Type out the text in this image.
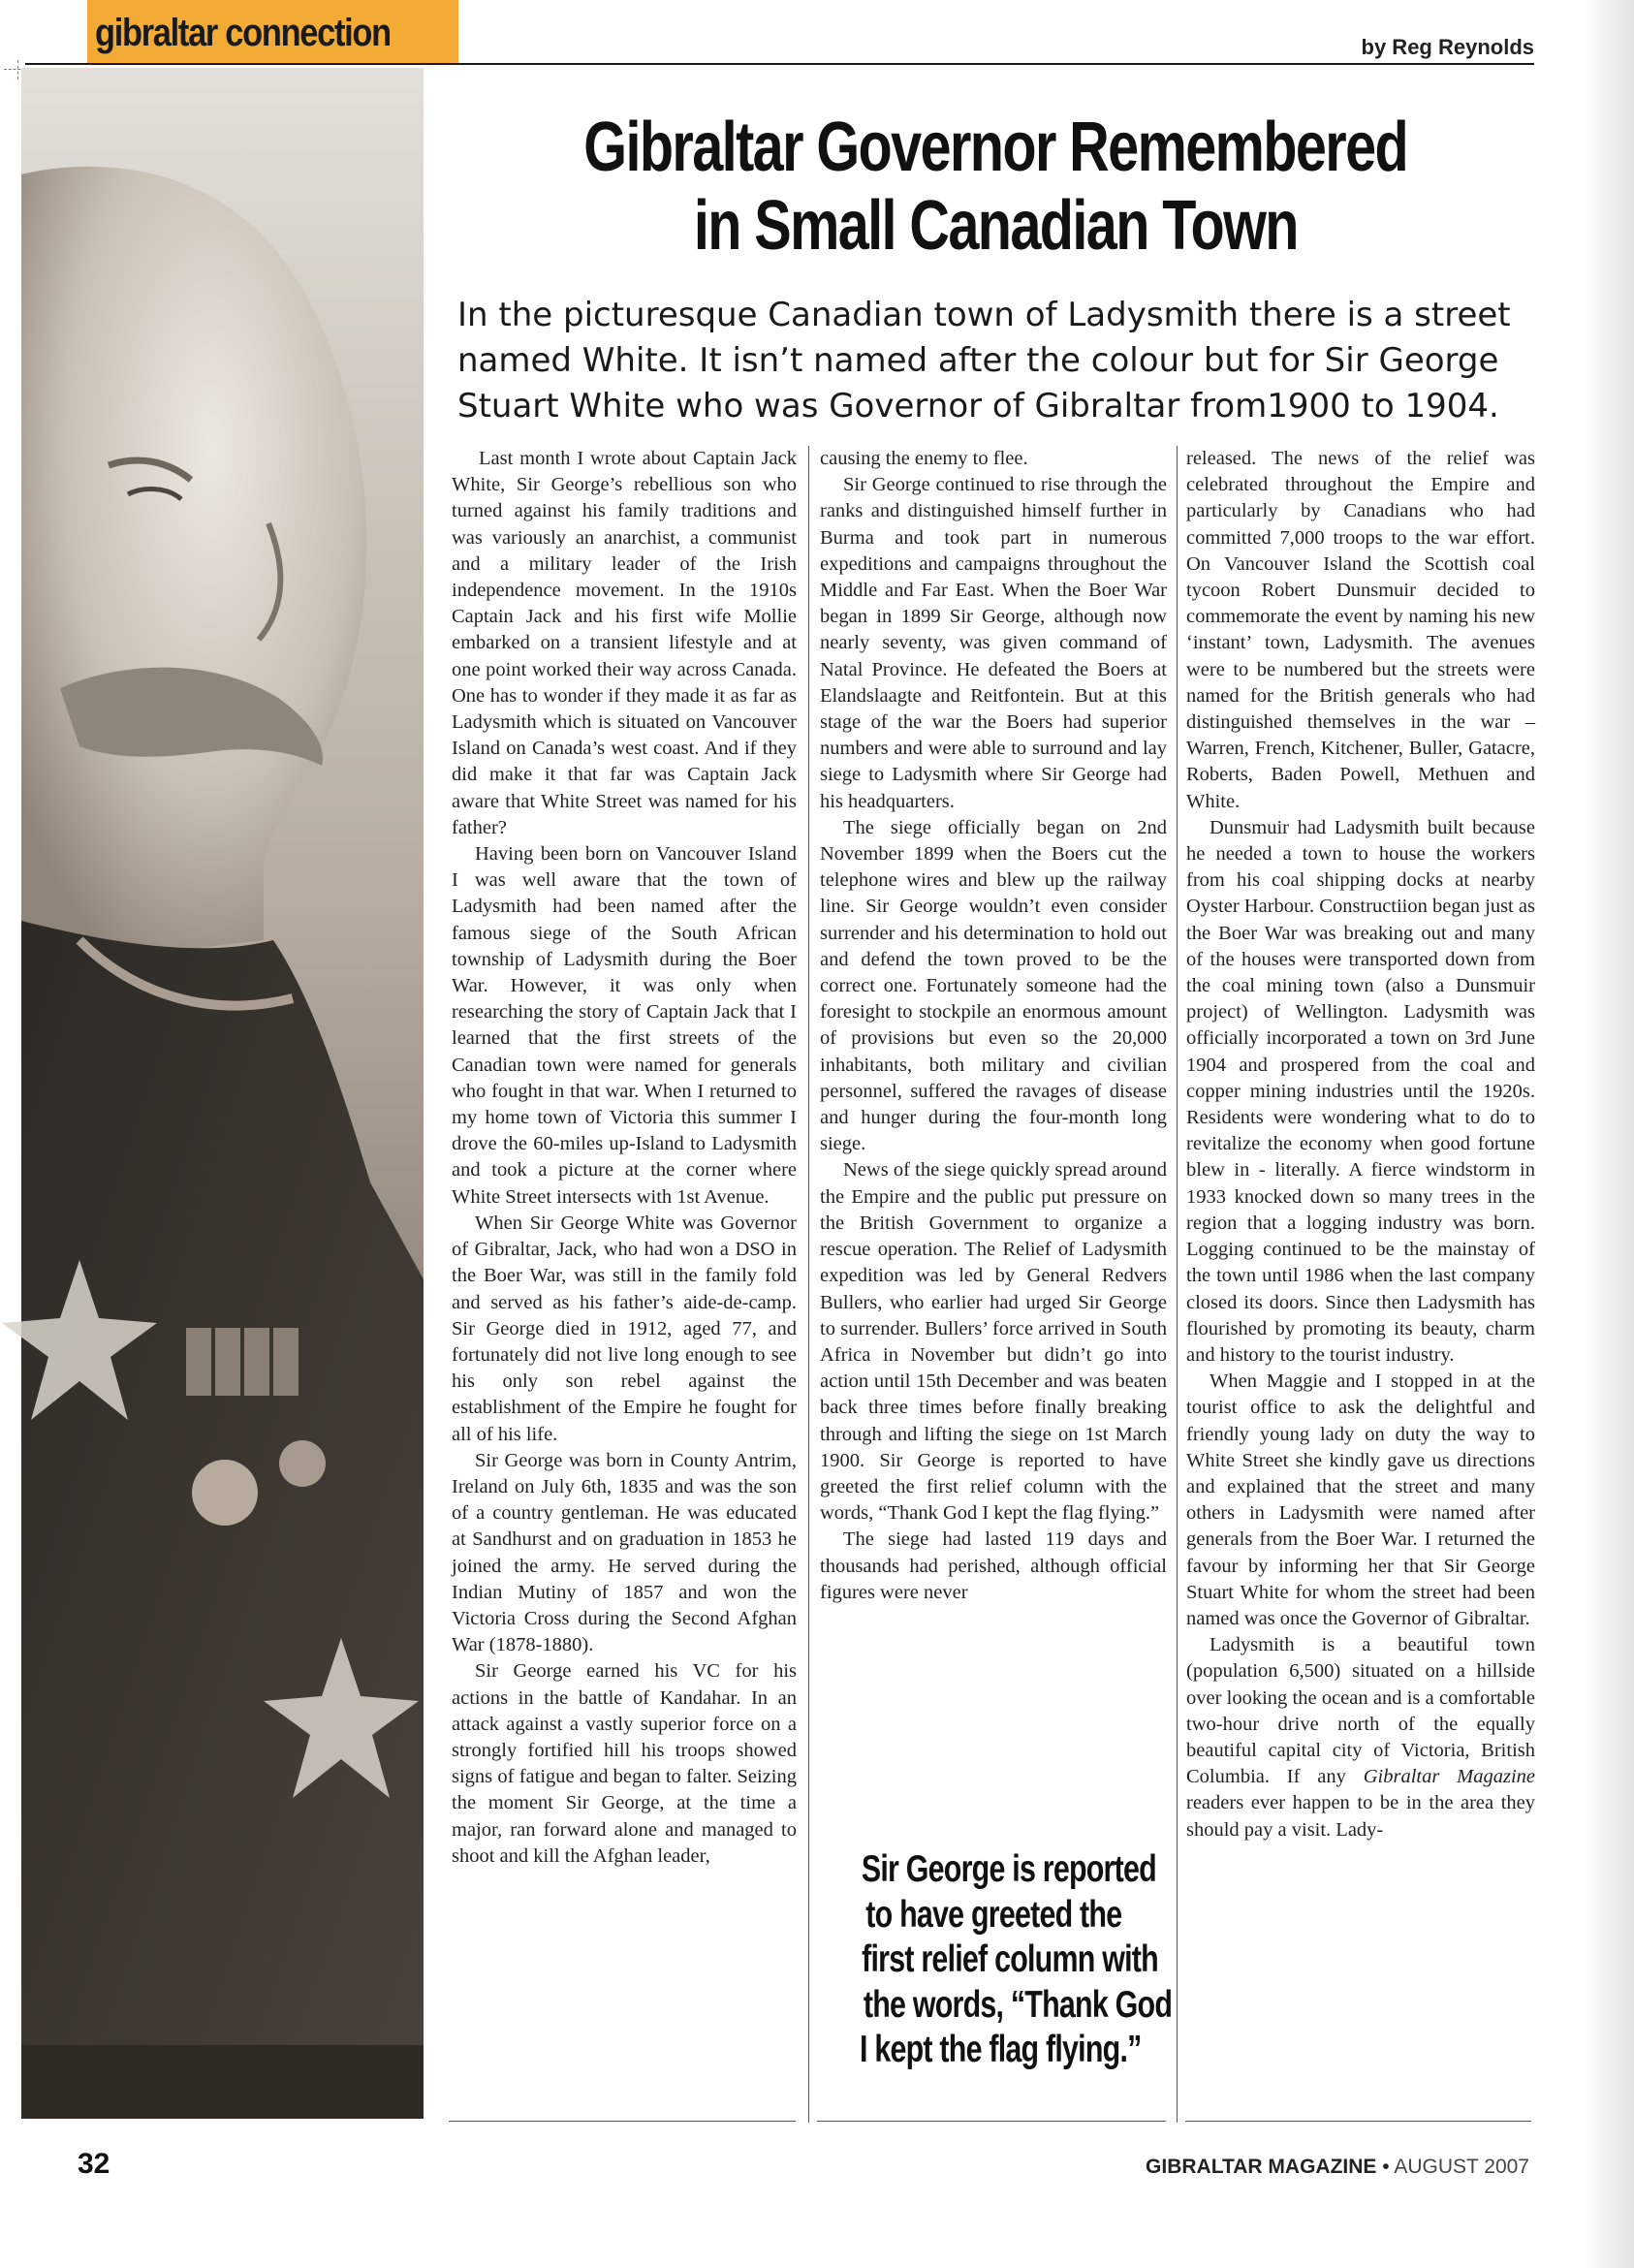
gibraltar connection	by Reg Reynolds
Sir George Stuart White
Gibraltar Governor Remembered
in Small Canadian Town

In the picturesque Canadian town of Ladysmith there is a street named White. It isn’t named after the colour but for Sir George Stuart White who was Governor of Gibraltar from1900 to 1904.

Last month I wrote about Captain Jack White, Sir George’s rebellious son who turned against his family traditions and was variously an anarchist, a communist and a military leader of the Irish independence movement. In the 1910s Captain Jack and his first wife Mollie embarked on a transient lifestyle and at one point worked their way across Canada. One has to wonder if they made it as far as Ladysmith which is situated on Vancouver Island on Canada’s west coast. And if they did make it that far was Captain Jack aware that White Street was named for his father?

Having been born on Vancouver Island I was well aware that the town of Ladysmith had been named after the famous siege of the South African township of Ladysmith during the Boer War. However, it was only when researching the story of Captain Jack that I learned that the first streets of the Canadian town were named for generals who fought in that war. When I returned to my home town of Victoria this summer I drove the 60-miles up-Island to Ladysmith and took a picture at the corner where White Street intersects with 1st Avenue.

When Sir George White was Governor of Gibraltar, Jack, who had won a DSO in the Boer War, was still in the family fold and served as his father’s aide-de-camp. Sir George died in 1912, aged 77, and fortunately did not live long enough to see his only son rebel against the establishment of the Empire he fought for all of his life.

Sir George was born in County Antrim, Ireland on July 6th, 1835 and was the son of a country gentleman. He was educated at Sandhurst and on graduation in 1853 he joined the army. He served during the Indian Mutiny of 1857 and won the Victoria Cross during the Second Afghan War (1878-1880).

Sir George earned his VC for his actions in the battle of Kandahar. In an attack against a vastly superior force on a strongly fortified hill his troops showed signs of fatigue and began to falter. Seizing the moment Sir George, at the time a major, ran forward alone and managed to shoot and kill the Afghan leader,

causing the enemy to flee.

Sir George continued to rise through the ranks and distinguished himself further in Burma and took part in numerous expeditions and campaigns throughout the Middle and Far East. When the Boer War began in 1899 Sir George, although now nearly seventy, was given command of Natal Province. He defeated the Boers at Elandslaagte and Reitfontein. But at this stage of the war the Boers had superior numbers and were able to surround and lay siege to Ladysmith where Sir George had his headquarters.

The siege officially began on 2nd November 1899 when the Boers cut the telephone wires and blew up the railway line. Sir George wouldn’t even consider surrender and his determination to hold out and defend the town proved to be the correct one. Fortunately someone had the foresight to stockpile an enormous amount of provisions but even so the 20,000 inhabitants, both military and civilian personnel, suffered the ravages of disease and hunger during the four-month long siege.

News of the siege quickly spread around the Empire and the public put pressure on the British Government to organize a rescue operation. The Relief of Ladysmith expedition was led by General Redvers Bullers, who earlier had urged Sir George to surrender. Bullers’ force arrived in South Africa in November but didn’t go into action until 15th December and was beaten back three times before finally breaking through and lifting the siege on 1st March 1900. Sir George is reported to have greeted the first relief column with the words, “Thank God I kept the flag flying.”

The siege had lasted 119 days and thousands had perished, although official figures were never

Sir George is reported
to have greeted the
first relief column with
the words, “Thank God
I kept the flag flying.”

released. The news of the relief was celebrated throughout the Empire and particularly by Canadians who had committed 7,000 troops to the war effort. On Vancouver Island the Scottish coal tycoon Robert Dunsmuir decided to commemorate the event by naming his new ‘instant’ town, Ladysmith. The avenues were to be numbered but the streets were named for the British generals who had distinguished themselves in the war – Warren, French, Kitchener, Buller, Gatacre, Roberts, Baden Powell, Methuen and White.

Dunsmuir had Ladysmith built because he needed a town to house the workers from his coal shipping docks at nearby Oyster Harbour. Constructiion began just as the Boer War was breaking out and many of the houses were transported down from the coal mining town (also a Dunsmuir project) of Wellington. Ladysmith was officially incorporated a town on 3rd June 1904 and prospered from the coal and copper mining industries until the 1920s. Residents were wondering what to do to revitalize the economy when good fortune blew in - literally. A fierce windstorm in 1933 knocked down so many trees in the region that a logging industry was born. Logging continued to be the mainstay of the town until 1986 when the last company closed its doors. Since then Ladysmith has flourished by promoting its beauty, charm and history to the tourist industry.

When Maggie and I stopped in at the tourist office to ask the delightful and friendly young lady on duty the way to White Street she kindly gave us directions and explained that the street and many others in Ladysmith were named after generals from the Boer War. I returned the favour by informing her that Sir George Stuart White for whom the street had been named was once the Governor of Gibraltar.

Ladysmith is a beautiful town (population 6,500) situated on a hillside over looking the ocean and is a comfortable two-hour drive north of the equally beautiful capital city of Victoria, British Columbia. If any Gibraltar Magazine readers ever happen to be in the area they should pay a visit. Lady-

32	GIBRALTAR MAGAZINE • AUGUST 2007
